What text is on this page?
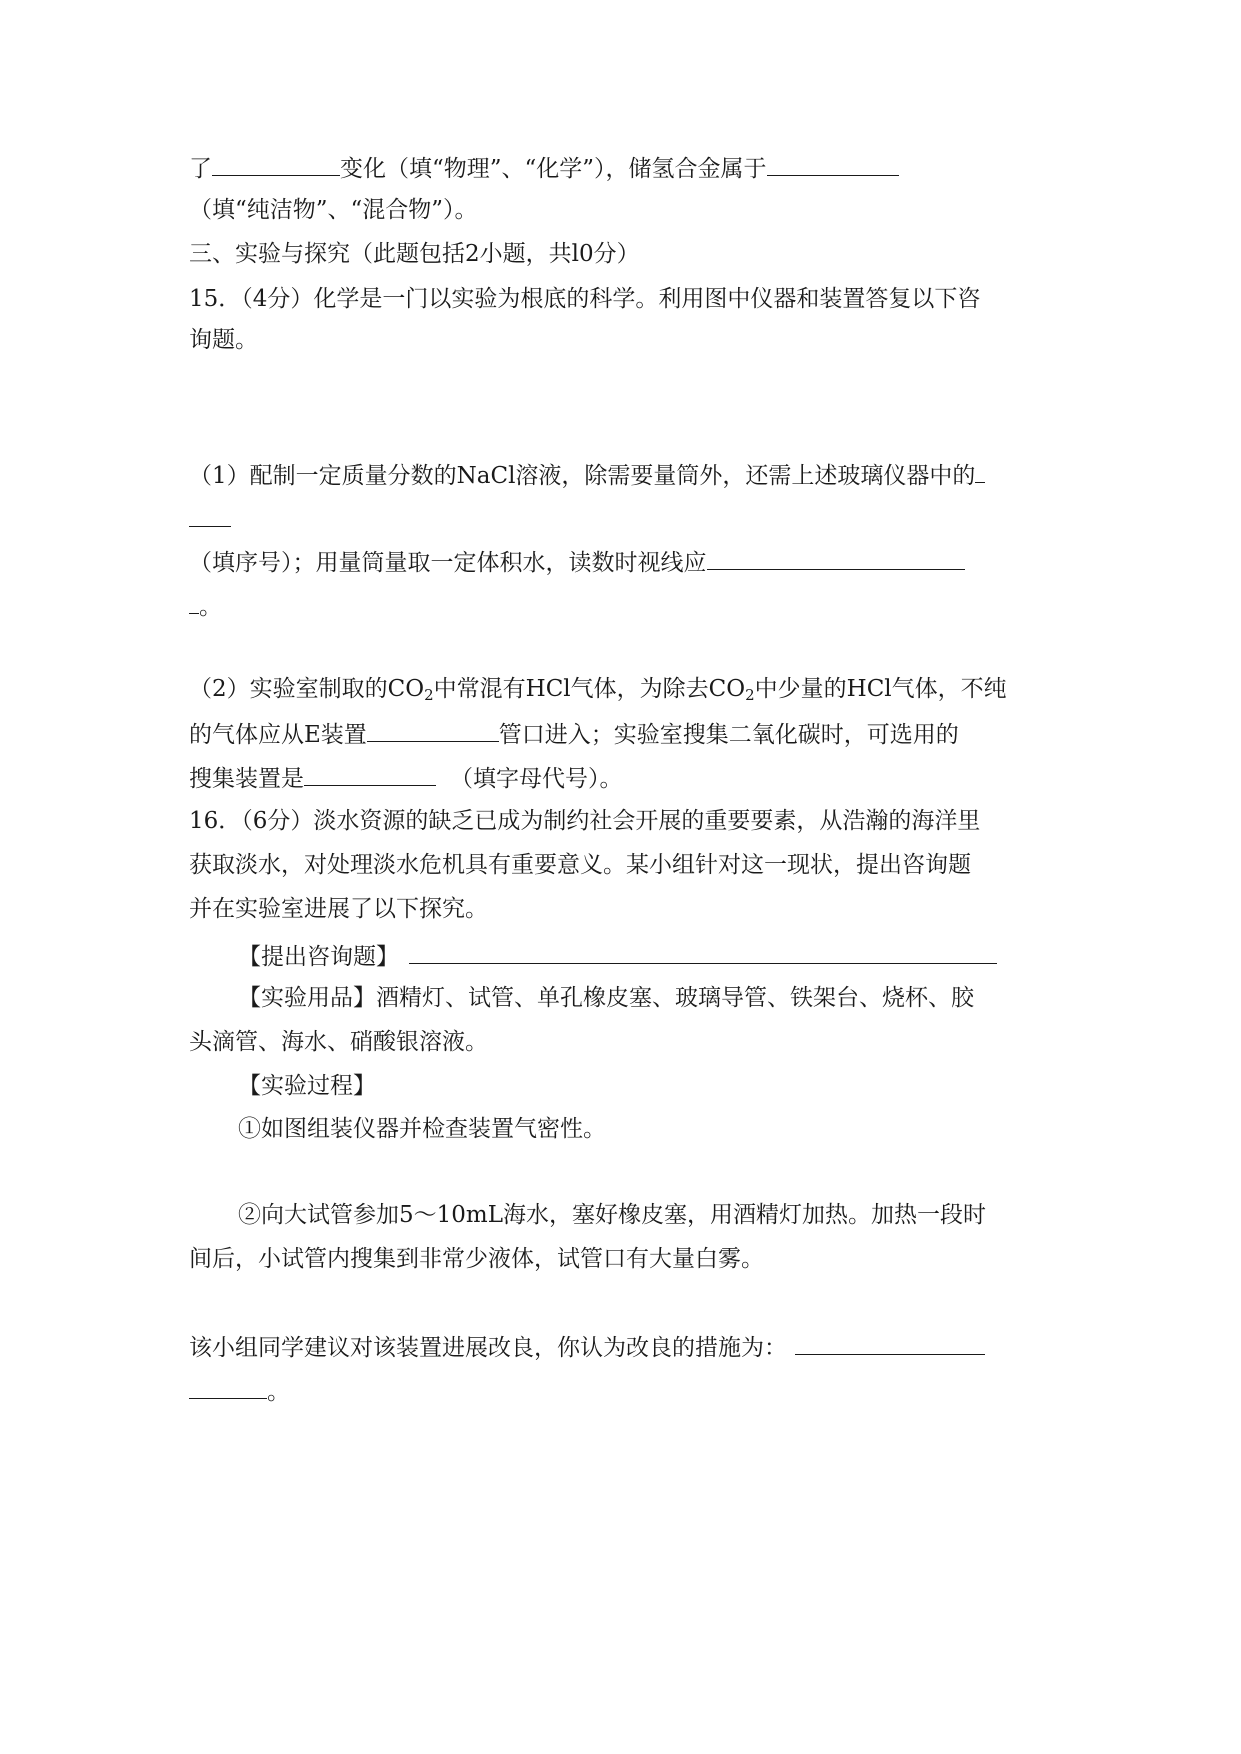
了	变化（填“物理”、“化学”），储氢合金属于
（填“纯洁物”、“混合物”）。
三、实验与探究（此题包括2小题，共l0分）
15．（4分）化学是一门以实验为根底的科学。利用图中仪器和装置答复以下咨
询题。
（1）配制一定质量分数的NaCl溶液，除需要量筒外，还需上述玻璃仪器中的
（填序号）；用量筒量取一定体积水，读数时视线应
。
（2）实验室制取的$CO_2$中常混有HCl气体，为除去$CO_2$中少量的HCl气体，不纯
的气体应从E装置	管口进入；实验室搜集二氧化碳时，可选用的
搜集装置是	（填字母代号）。
16．（6分）淡水资源的缺乏已成为制约社会开展的重要要素，从浩瀚的海洋里
获取淡水，对处理淡水危机具有重要意义。某小组针对这一现状，提出咨询题
并在实验室进展了以下探究。
【提出咨询题】
【实验用品】酒精灯、试管、单孔橡皮塞、玻璃导管、铁架台、烧杯、胶
头滴管、海水、硝酸银溶液。
【实验过程】
①如图组装仪器并检查装置气密性。
②向大试管参加5～10mL海水，塞好橡皮塞，用酒精灯加热。加热一段时
间后，小试管内搜集到非常少液体，试管口有大量白雾。
该小组同学建议对该装置进展改良，你认为改良的措施为：
。
